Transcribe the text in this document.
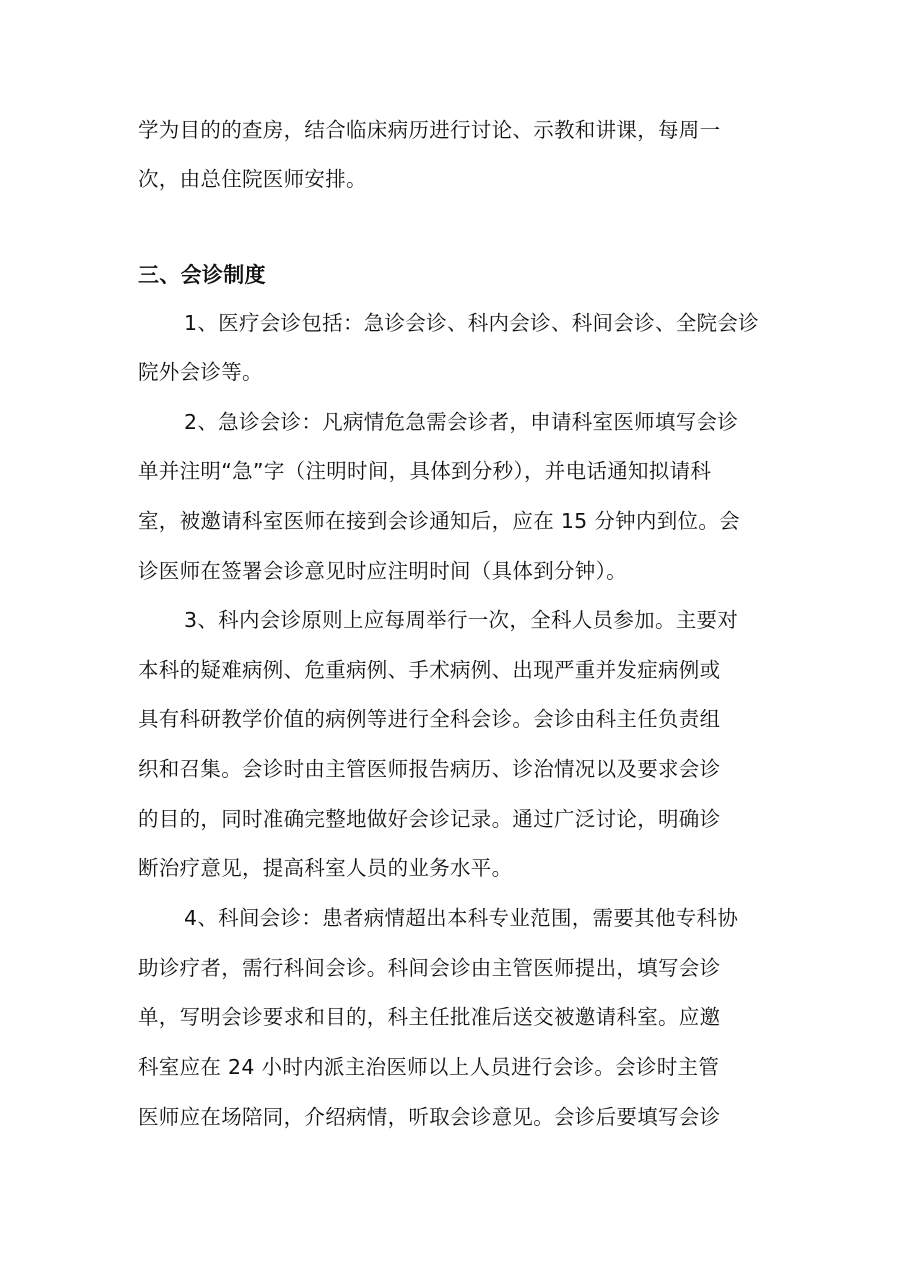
学为目的的查房，结合临床病历进行讨论、示教和讲课，每周一
次，由总住院医师安排。
三、会诊制度
1、医疗会诊包括：急诊会诊、科内会诊、科间会诊、全院会诊
院外会诊等。
2、急诊会诊：凡病情危急需会诊者，申请科室医师填写会诊
单并注明“急”字（注明时间，具体到分秒），并电话通知拟请科
室，被邀请科室医师在接到会诊通知后，应在 15 分钟内到位。会
诊医师在签署会诊意见时应注明时间（具体到分钟）。
3、科内会诊原则上应每周举行一次，全科人员参加。主要对
本科的疑难病例、危重病例、手术病例、出现严重并发症病例或
具有科研教学价值的病例等进行全科会诊。会诊由科主任负责组
织和召集。会诊时由主管医师报告病历、诊治情况以及要求会诊
的目的，同时准确完整地做好会诊记录。通过广泛讨论，明确诊
断治疗意见，提高科室人员的业务水平。
4、科间会诊：患者病情超出本科专业范围，需要其他专科协
助诊疗者，需行科间会诊。科间会诊由主管医师提出，填写会诊
单，写明会诊要求和目的，科主任批准后送交被邀请科室。应邀
科室应在 24 小时内派主治医师以上人员进行会诊。会诊时主管
医师应在场陪同，介绍病情，听取会诊意见。会诊后要填写会诊
